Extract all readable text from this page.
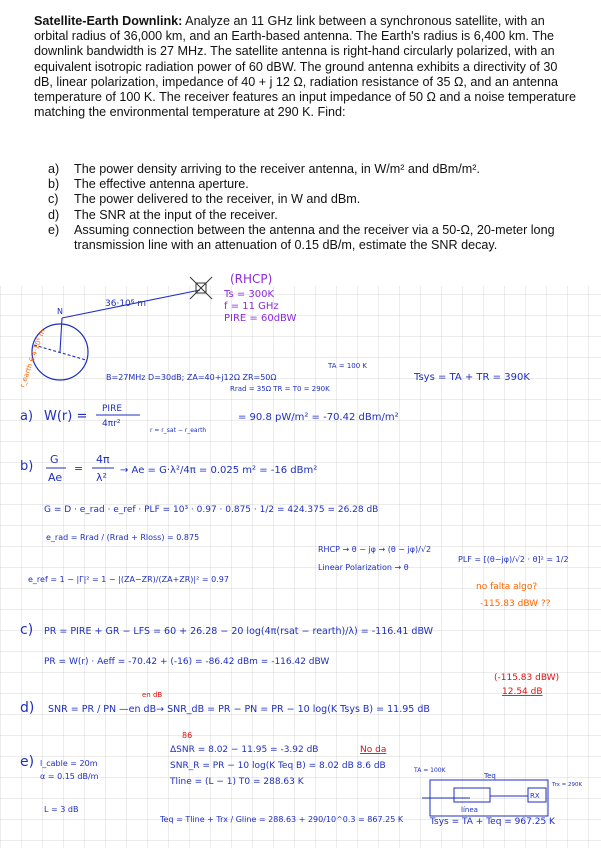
Satellite-Earth Downlink: Analyze an 11 GHz link between a synchronous satellite, with an orbital radius of 36,000 km, and an Earth-based antenna. The Earth's radius is 6,400 km. The downlink bandwidth is 27 MHz. The satellite antenna is right-hand circularly polarized, with an equivalent isotropic radiation power of 60 dBW. The ground antenna exhibits a directivity of 30 dB, linear polarization, impedance of 40 + j 12 Ω, radiation resistance of 35 Ω, and an antenna temperature of 100 K. The receiver features an input impedance of 50 Ω and a noise temperature matching the environmental temperature at 290 K. Find:
a)	The power density arriving to the receiver antenna, in W/m² and dBm/m².
b)	The effective antenna aperture.
c)	The power delivered to the receiver, in W and dBm.
d)	The SNR at the input of the receiver.
e)	Assuming connection between the antenna and the receiver via a 50-Ω, 20-meter long transmission line with an attenuation of 0.15 dB/m, estimate the SNR decay.
36·10⁶ m
r_earth 6.4·10⁶ m
N
(RHCP)
Ts = 300K
f = 11 GHz
PIRE = 60dBW
TA = 100 K
B=27MHz D=30dB; ZA=40+j12Ω ZR=50Ω
Rrad = 35Ω TR = T0 = 290K
Tsys = TA + TR = 390K
a) W(r) = PIRE
4πr²
r = r_sat − r_earth
= 90.8 pW/m² = -70.42 dBm/m²
b) G
Ae
=
4π
λ²
→ Ae = G·λ²/4π = 0.025 m² = -16 dBm²
G = D · e_rad · e_ref · PLF = 10³ · 0.97 · 0.875 · 1/2 = 424.375 = 26.28 dB
e_rad = Rrad / (Rrad + Rloss) = 0.875
e_ref = 1 − |Γ|² = 1 − |(ZA−ZR)/(ZA+ZR)|² = 0.97
RHCP → θ − jφ → (θ − jφ)/√2
Linear Polarization → θ
PLF = [(θ−jφ)/√2 · θ]² = 1/2
no falta algo?
-115.83 dBW ??
c) PR = PIRE + GR − LFS = 60 + 26.28 − 20 log(4π(rsat − rearth)/λ) = -116.41 dBW
PR = W(r) · Aeff = -70.42 + (-16) = -86.42 dBm = -116.42 dBW
(-115.83 dBW)
12.54 dB
d) SNR = PR / PN —en dB→ SNR_dB = PR − PN = PR − 10 log(K Tsys B) = 11.95 dB
en dB
e) l_cable = 20m
α = 0.15 dB/m
L = 3 dB
86
ΔSNR = 8.02 − 11.95 = -3.92 dB	No da
SNR_R = PR − 10 log(K Teq B) = 8.02 dB 8.6 dB
Tline = (L − 1) T0 = 288.63 K
Teq = Tline + Trx / Gline = 288.63 + 290/10^0.3 = 867.25 K	Tsys = TA + Teq = 967.25 K
Teq
TA = 100K
línea
RX
Trx = 290K
